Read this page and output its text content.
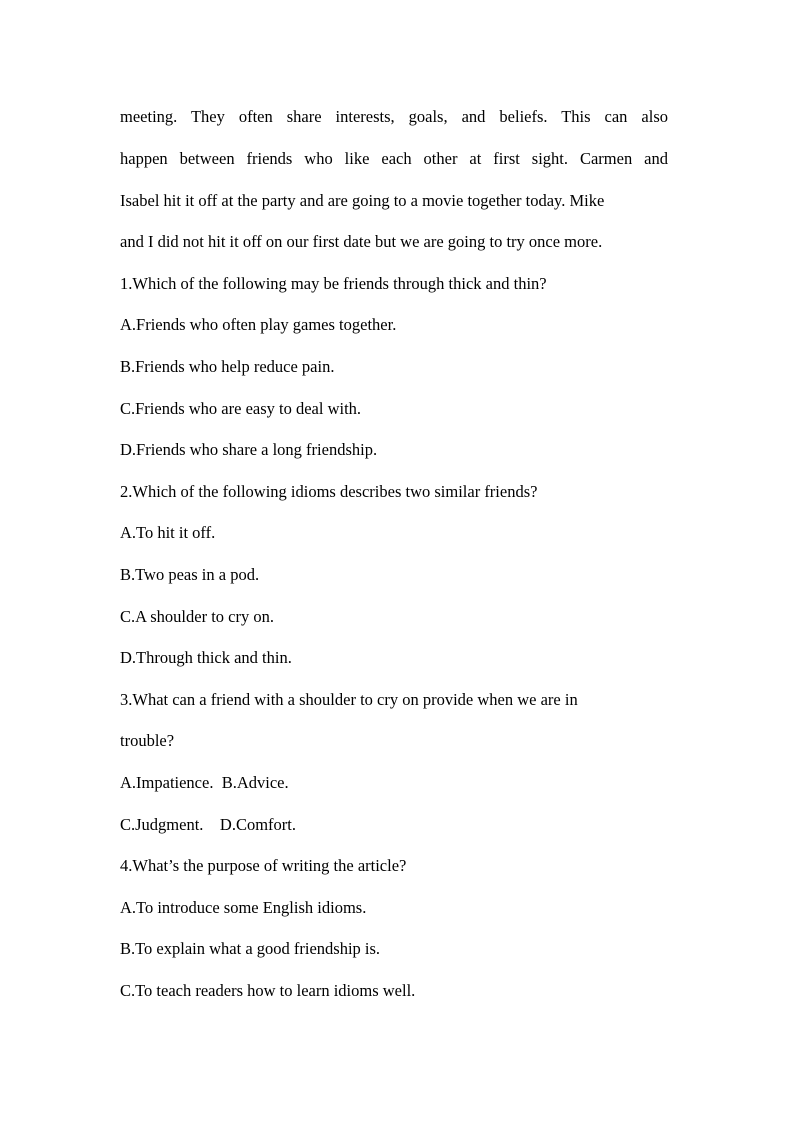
meeting. They often share interests, goals, and beliefs. This can also
happen between friends who like each other at first sight. Carmen and
Isabel hit it off at the party and are going to a movie together today. Mike
and I did not hit it off on our first date but we are going to try once more.
1.Which of the following may be friends through thick and thin?
A.Friends who often play games together.
B.Friends who help reduce pain.
C.Friends who are easy to deal with.
D.Friends who share a long friendship.
2.Which of the following idioms describes two similar friends?
A.To hit it off.
B.Two peas in a pod.
C.A shoulder to cry on.
D.Through thick and thin.
3.What can a friend with a shoulder to cry on provide when we are in
trouble?
A.Impatience.  B.Advice.
C.Judgment.    D.Comfort.
4.What’s the purpose of writing the article?
A.To introduce some English idioms.
B.To explain what a good friendship is.
C.To teach readers how to learn idioms well.
